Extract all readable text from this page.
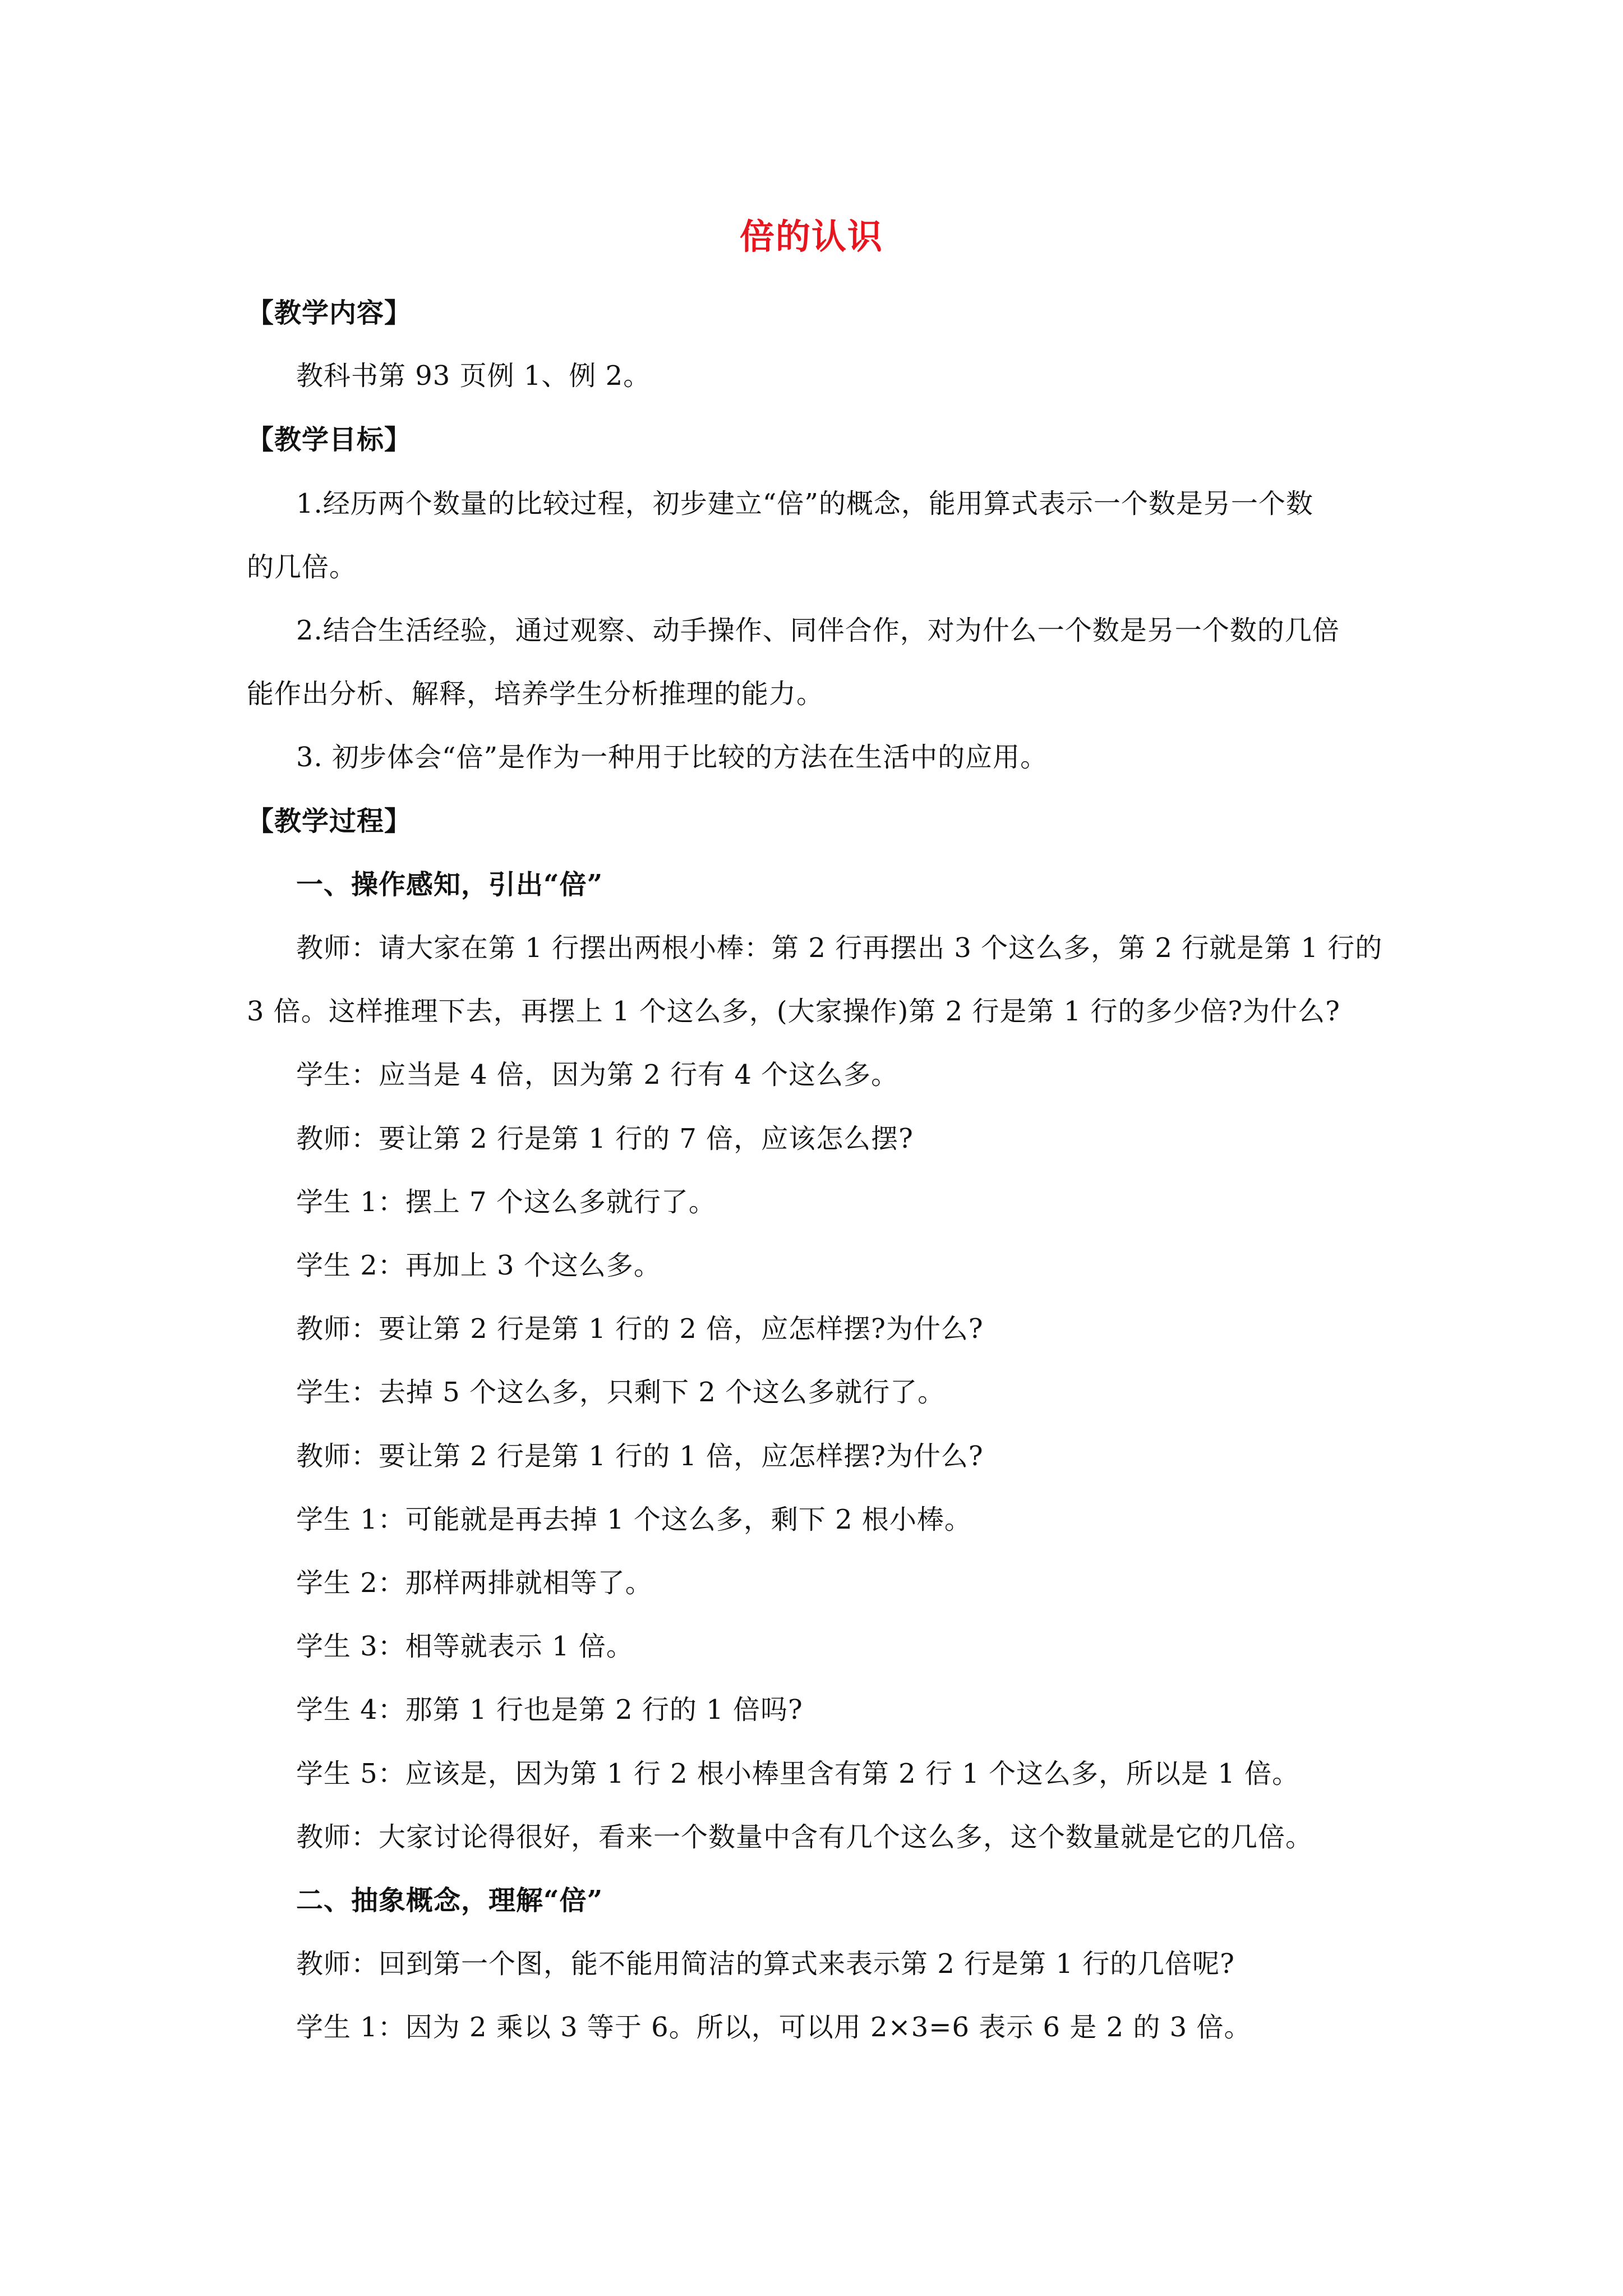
倍的认识
【教学内容】
教科书第 93 页例 1、例 2。
【教学目标】
1.经历两个数量的比较过程，初步建立“倍”的概念，能用算式表示一个数是另一个数
的几倍。
2.结合生活经验，通过观察、动手操作、同伴合作，对为什么一个数是另一个数的几倍
能作出分析、解释，培养学生分析推理的能力。
3. 初步体会“倍”是作为一种用于比较的方法在生活中的应用。
【教学过程】
一、操作感知，引出“倍”
教师：请大家在第 1 行摆出两根小棒：第 2 行再摆出 3 个这么多，第 2 行就是第 1 行的
3 倍。这样推理下去，再摆上 1 个这么多，(大家操作)第 2 行是第 1 行的多少倍?为什么?
学生：应当是 4 倍，因为第 2 行有 4 个这么多。
教师：要让第 2 行是第 1 行的 7 倍，应该怎么摆?
学生 1：摆上 7 个这么多就行了。
学生 2：再加上 3 个这么多。
教师：要让第 2 行是第 1 行的 2 倍，应怎样摆?为什么?
学生：去掉 5 个这么多，只剩下 2 个这么多就行了。
教师：要让第 2 行是第 1 行的 1 倍，应怎样摆?为什么?
学生 1：可能就是再去掉 1 个这么多，剩下 2 根小棒。
学生 2：那样两排就相等了。
学生 3：相等就表示 1 倍。
学生 4：那第 1 行也是第 2 行的 1 倍吗?
学生 5：应该是，因为第 1 行 2 根小棒里含有第 2 行 1 个这么多，所以是 1 倍。
教师：大家讨论得很好，看来一个数量中含有几个这么多，这个数量就是它的几倍。
二、抽象概念，理解“倍”
教师：回到第一个图，能不能用简洁的算式来表示第 2 行是第 1 行的几倍呢?
学生 1：因为 2 乘以 3 等于 6。所以，可以用 2×3=6 表示 6 是 2 的 3 倍。
